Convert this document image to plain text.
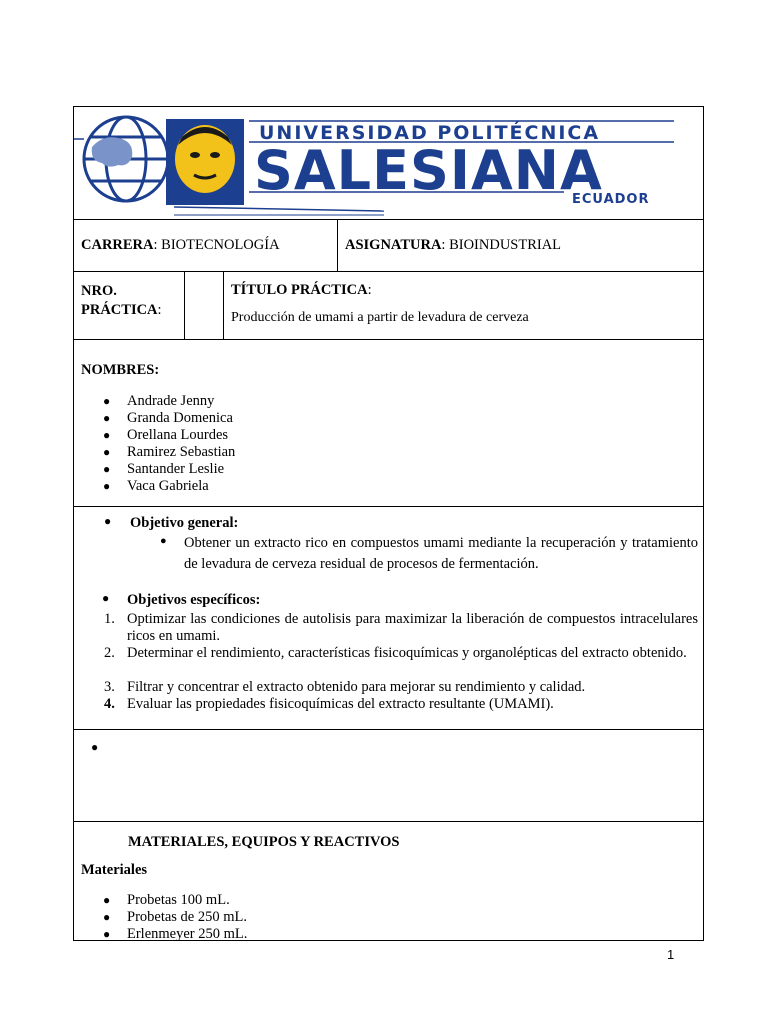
UNIVERSIDAD POLITÉCNICA
SALESIANA
ECUADOR
CARRERA: BIOTECNOLOGÍA	ASIGNATURA: BIOINDUSTRIAL
NRO.
PRÁCTICA:
TÍTULO PRÁCTICA:
Producción de umami a partir de levadura de cerveza
NOMBRES:
● Andrade Jenny
● Granda Domenica
● Orellana Lourdes
● Ramirez Sebastian
● Santander Leslie
● Vaca Gabriela
● Objetivo general:
● Obtener un extracto rico en compuestos umami mediante la recuperación y tratamiento de levadura de cerveza residual de procesos de fermentación.
● Objetivos específicos:
1. Optimizar las condiciones de autolisis para maximizar la liberación de compuestos intracelulares ricos en umami.
2. Determinar el rendimiento, características fisicoquímicas y organolépticas del extracto obtenido.
3. Filtrar y concentrar el extracto obtenido para mejorar su rendimiento y calidad.
4. Evaluar las propiedades fisicoquímicas del extracto resultante (UMAMI).
●
MATERIALES, EQUIPOS Y REACTIVOS
Materiales
● Probetas 100 mL.
● Probetas de 250 mL.
● Erlenmeyer 250 mL.
1
